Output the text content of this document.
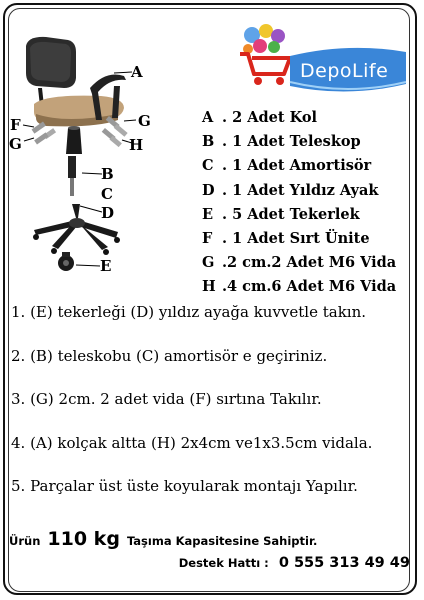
A
F
G
G
H
B
C
D
E
DepoLife
A . 2 Adet Kol
B . 1 Adet Teleskop
C . 1 Adet Amortisör
D . 1 Adet Yıldız Ayak
E . 5 Adet Tekerlek
F . 1 Adet Sırt Ünite
G .2 cm.2 Adet M6 Vida
H .4 cm.6 Adet M6 Vida
1. (E) tekerleği (D) yıldız ayağa kuvvetle takın.
2. (B) teleskobu (C) amortisör e geçiriniz.
3. (G) 2cm. 2 adet vida (F) sırtına Takılır.
4. (A) kolçak altta (H) 2x4cm ve1x3.5cm vidala.
5. Parçalar üst üste koyularak montajı Yapılır.
Ürün 110 kg Taşıma Kapasitesine Sahiptir.
Destek Hattı : 0 555 313 49 49
